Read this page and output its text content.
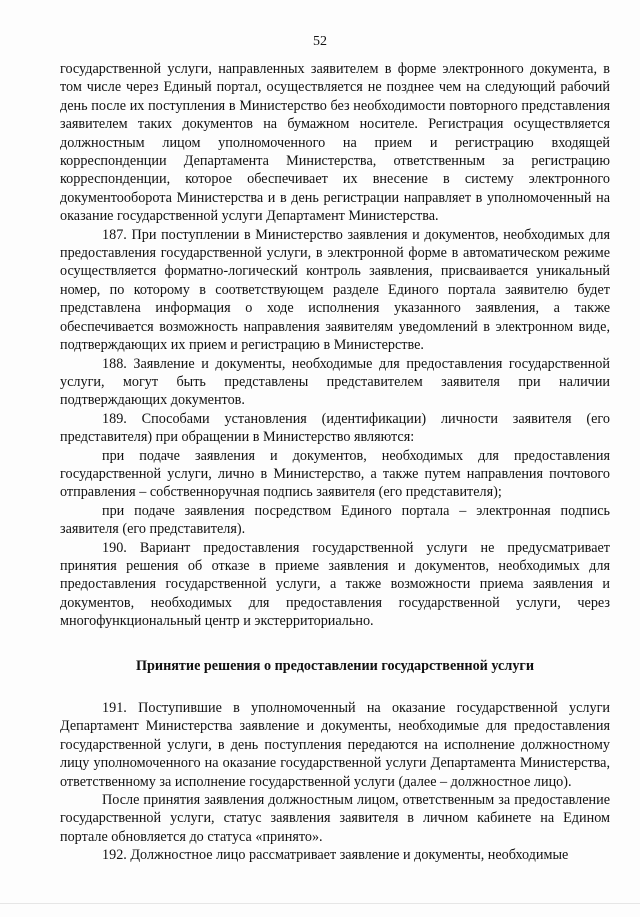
52

государственной услуги, направленных заявителем в форме электронного документа, в том числе через Единый портал, осуществляется не позднее чем на следующий рабочий день после их поступления в Министерство без необходимости повторного представления заявителем таких документов на бумажном носителе. Регистрация осуществляется должностным лицом уполномоченного на прием и регистрацию входящей корреспонденции Департамента Министерства, ответственным за регистрацию корреспонденции, которое обеспечивает их внесение в систему электронного документооборота Министерства и в день регистрации направляет в уполномоченный на оказание государственной услуги Департамент Министерства.

187. При поступлении в Министерство заявления и документов, необходимых для предоставления государственной услуги, в электронной форме в автоматическом режиме осуществляется форматно-логический контроль заявления, присваивается уникальный номер, по которому в соответствующем разделе Единого портала заявителю будет представлена информация о ходе исполнения указанного заявления, а также обеспечивается возможность направления заявителям уведомлений в электронном виде, подтверждающих их прием и регистрацию в Министерстве.

188. Заявление и документы, необходимые для предоставления государственной услуги, могут быть представлены представителем заявителя при наличии подтверждающих документов.

189. Способами установления (идентификации) личности заявителя (его представителя) при обращении в Министерство являются:

при подаче заявления и документов, необходимых для предоставления государственной услуги, лично в Министерство, а также путем направления почтового отправления – собственноручная подпись заявителя (его представителя);

при подаче заявления посредством Единого портала – электронная подпись заявителя (его представителя).

190. Вариант предоставления государственной услуги не предусматривает принятия решения об отказе в приеме заявления и документов, необходимых для предоставления государственной услуги, а также возможности приема заявления и документов, необходимых для предоставления государственной услуги, через многофункциональный центр и экстерриториально.

Принятие решения о предоставлении государственной услуги

191. Поступившие в уполномоченный на оказание государственной услуги Департамент Министерства заявление и документы, необходимые для предоставления государственной услуги, в день поступления передаются на исполнение должностному лицу уполномоченного на оказание государственной услуги Департамента Министерства, ответственному за исполнение государственной услуги (далее – должностное лицо).

После принятия заявления должностным лицом, ответственным за предоставление государственной услуги, статус заявления заявителя в личном кабинете на Едином портале обновляется до статуса «принято».

192. Должностное лицо рассматривает заявление и документы, необходимые
